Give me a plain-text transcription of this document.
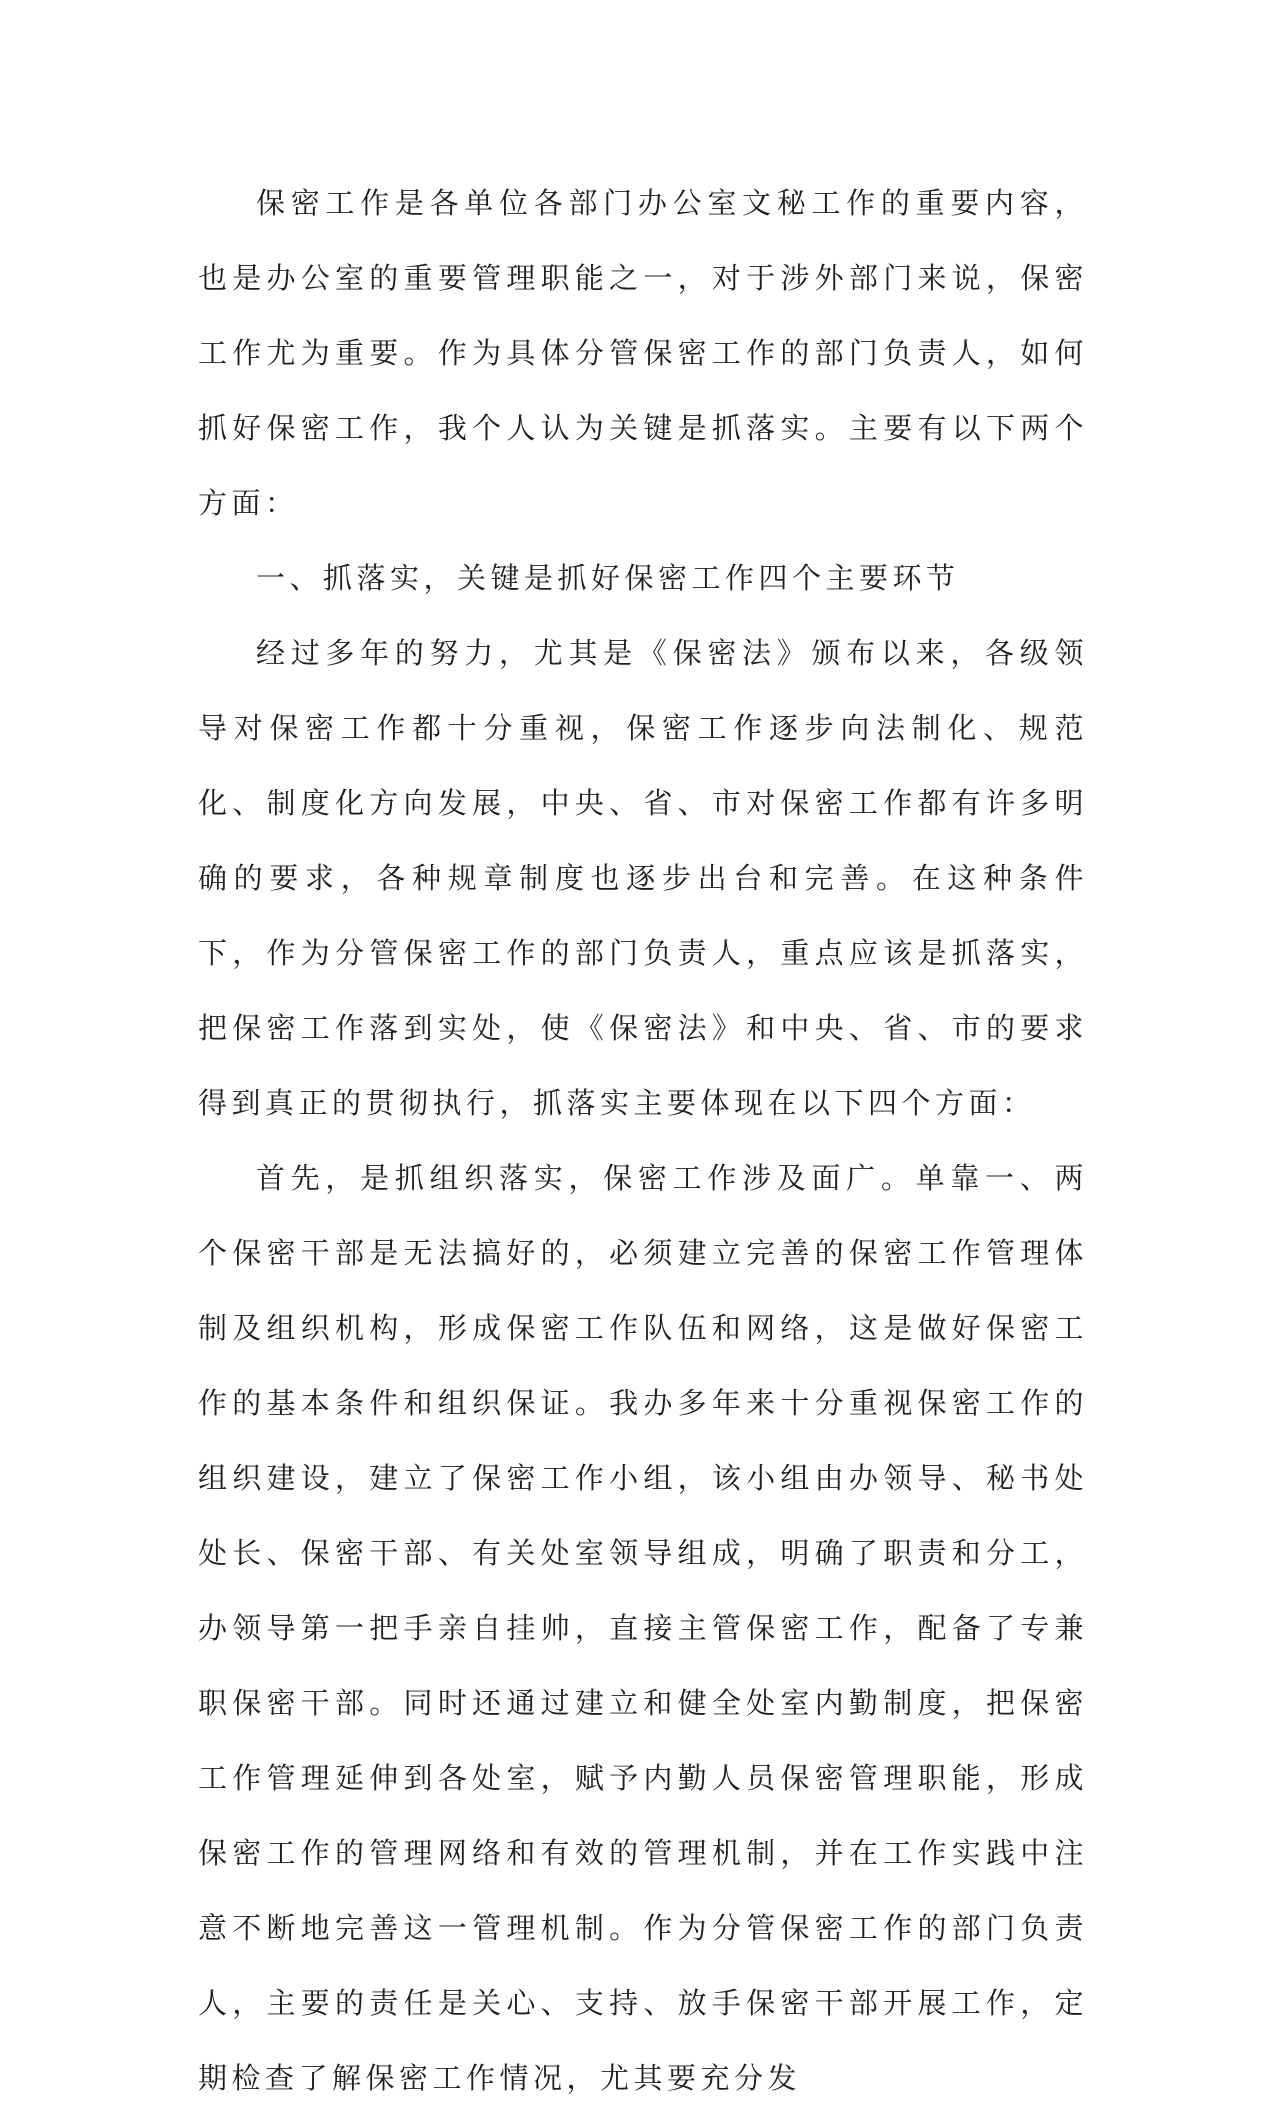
保密工作是各单位各部门办公室文秘工作的重要内容，也是办公室的重要管理职能之一，对于涉外部门来说，保密工作尤为重要。作为具体分管保密工作的部门负责人，如何抓好保密工作，我个人认为关键是抓落实。主要有以下两个方面：

一、抓落实，关键是抓好保密工作四个主要环节

经过多年的努力，尤其是《保密法》颁布以来，各级领导对保密工作都十分重视，保密工作逐步向法制化、规范化、制度化方向发展，中央、省、市对保密工作都有许多明确的要求，各种规章制度也逐步出台和完善。在这种条件下，作为分管保密工作的部门负责人，重点应该是抓落实，把保密工作落到实处，使《保密法》和中央、省、市的要求得到真正的贯彻执行，抓落实主要体现在以下四个方面：

首先，是抓组织落实，保密工作涉及面广。单靠一、两个保密干部是无法搞好的，必须建立完善的保密工作管理体制及组织机构，形成保密工作队伍和网络，这是做好保密工作的基本条件和组织保证。我办多年来十分重视保密工作的组织建设，建立了保密工作小组，该小组由办领导、秘书处处长、保密干部、有关处室领导组成，明确了职责和分工，办领导第一把手亲自挂帅，直接主管保密工作，配备了专兼职保密干部。同时还通过建立和健全处室内勤制度，把保密工作管理延伸到各处室，赋予内勤人员保密管理职能，形成保密工作的管理网络和有效的管理机制，并在工作实践中注意不断地完善这一管理机制。作为分管保密工作的部门负责人，主要的责任是关心、支持、放手保密干部开展工作，定期检查了解保密工作情况，尤其要充分发
